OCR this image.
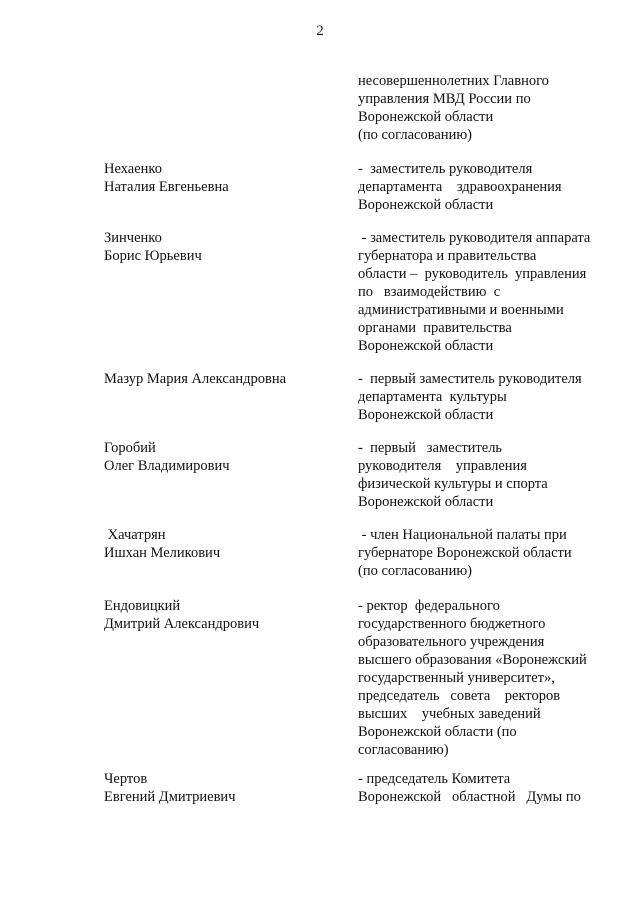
2
несовершеннолетних Главного
управления МВД России по
Воронежской области
(по согласованию)
Нехаенко
Наталия Евгеньевна
-  заместитель руководителя
департамента    здравоохранения
Воронежской области
Зинченко
Борис Юрьевич
- заместитель руководителя аппарата
губернатора и правительства
области –  руководитель  управления
по   взаимодействию  с
административными и военными
органами  правительства
Воронежской области
Мазур Мария Александровна	-  первый заместитель руководителя
департамента  культуры
Воронежской области
Горобий
Олег Владимирович
-  первый   заместитель
руководителя    управления
физической культуры и спорта
Воронежской области
Хачатрян
Ишхан Меликович
- член Национальной палаты при
губернаторе Воронежской области
(по согласованию)
Ендовицкий
Дмитрий Александрович
- ректор  федерального
государственного бюджетного
образовательного учреждения
высшего образования «Воронежский
государственный университет»,
председатель   совета    ректоров
высших    учебных заведений
Воронежской области (по
согласованию)
Чертов
Евгений Дмитриевич
- председатель Комитета
Воронежской   областной   Думы по
